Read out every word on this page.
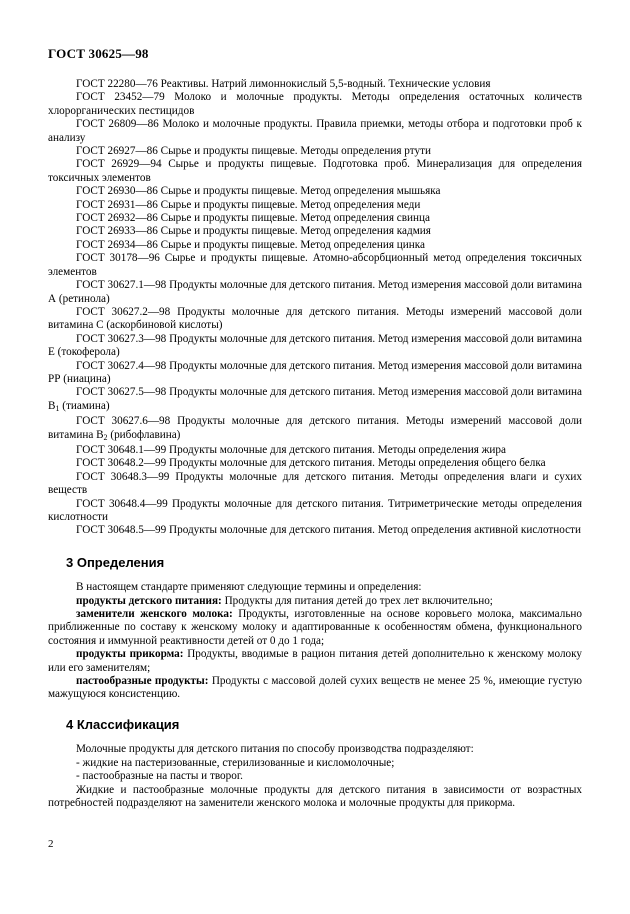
ГОСТ 30625—98

ГОСТ 22280—76 Реактивы. Натрий лимоннокислый 5,5-водный. Технические условия

ГОСТ 23452—79 Молоко и молочные продукты. Методы определения остаточных количеств хлорорганических пестицидов

ГОСТ 26809—86 Молоко и молочные продукты. Правила приемки, методы отбора и подготовки проб к анализу

ГОСТ 26927—86 Сырье и продукты пищевые. Методы определения ртути

ГОСТ 26929—94 Сырье и продукты пищевые. Подготовка проб. Минерализация для определения токсичных элементов

ГОСТ 26930—86 Сырье и продукты пищевые. Метод определения мышьяка

ГОСТ 26931—86 Сырье и продукты пищевые. Метод определения меди

ГОСТ 26932—86 Сырье и продукты пищевые. Метод определения свинца

ГОСТ 26933—86 Сырье и продукты пищевые. Метод определения кадмия

ГОСТ 26934—86 Сырье и продукты пищевые. Метод определения цинка

ГОСТ 30178—96 Сырье и продукты пищевые. Атомно-абсорбционный метод определения токсичных элементов

ГОСТ 30627.1—98 Продукты молочные для детского питания. Метод измерения массовой доли витамина А (ретинола)

ГОСТ 30627.2—98 Продукты молочные для детского питания. Методы измерений массовой доли витамина С (аскорбиновой кислоты)

ГОСТ 30627.3—98 Продукты молочные для детского питания. Метод измерения массовой доли витамина Е (токоферола)

ГОСТ 30627.4—98 Продукты молочные для детского питания. Метод измерения массовой доли витамина РР (ниацина)

ГОСТ 30627.5—98 Продукты молочные для детского питания. Метод измерения массовой доли витамина $В_1$ (тиамина)

ГОСТ 30627.6—98 Продукты молочные для детского питания. Методы измерений массовой доли витамина $В_2$ (рибофлавина)

ГОСТ 30648.1—99 Продукты молочные для детского питания. Методы определения жира

ГОСТ 30648.2—99 Продукты молочные для детского питания. Методы определения общего белка

ГОСТ 30648.3—99 Продукты молочные для детского питания. Методы определения влаги и сухих веществ

ГОСТ 30648.4—99 Продукты молочные для детского питания. Титриметрические методы определения кислотности

ГОСТ 30648.5—99 Продукты молочные для детского питания. Метод определения активной кислотности

3 Определения

В настоящем стандарте применяют следующие термины и определения:

продукты детского питания: Продукты для питания детей до трех лет включительно;

заменители женского молока: Продукты, изготовленные на основе коровьего молока, максимально приближенные по составу к женскому молоку и адаптированные к особенностям обмена, функционального состояния и иммунной реактивности детей от 0 до 1 года;

продукты прикорма: Продукты, вводимые в рацион питания детей дополнительно к женскому молоку или его заменителям;

пастообразные продукты: Продукты с массовой долей сухих веществ не менее 25 %, имеющие густую мажущуюся консистенцию.

4 Классификация

Молочные продукты для детского питания по способу производства подразделяют:

- жидкие на пастеризованные, стерилизованные и кисломолочные;

- пастообразные на пасты и творог.

Жидкие и пастообразные молочные продукты для детского питания в зависимости от возрастных потребностей подразделяют на заменители женского молока и молочные продукты для прикорма.

2
